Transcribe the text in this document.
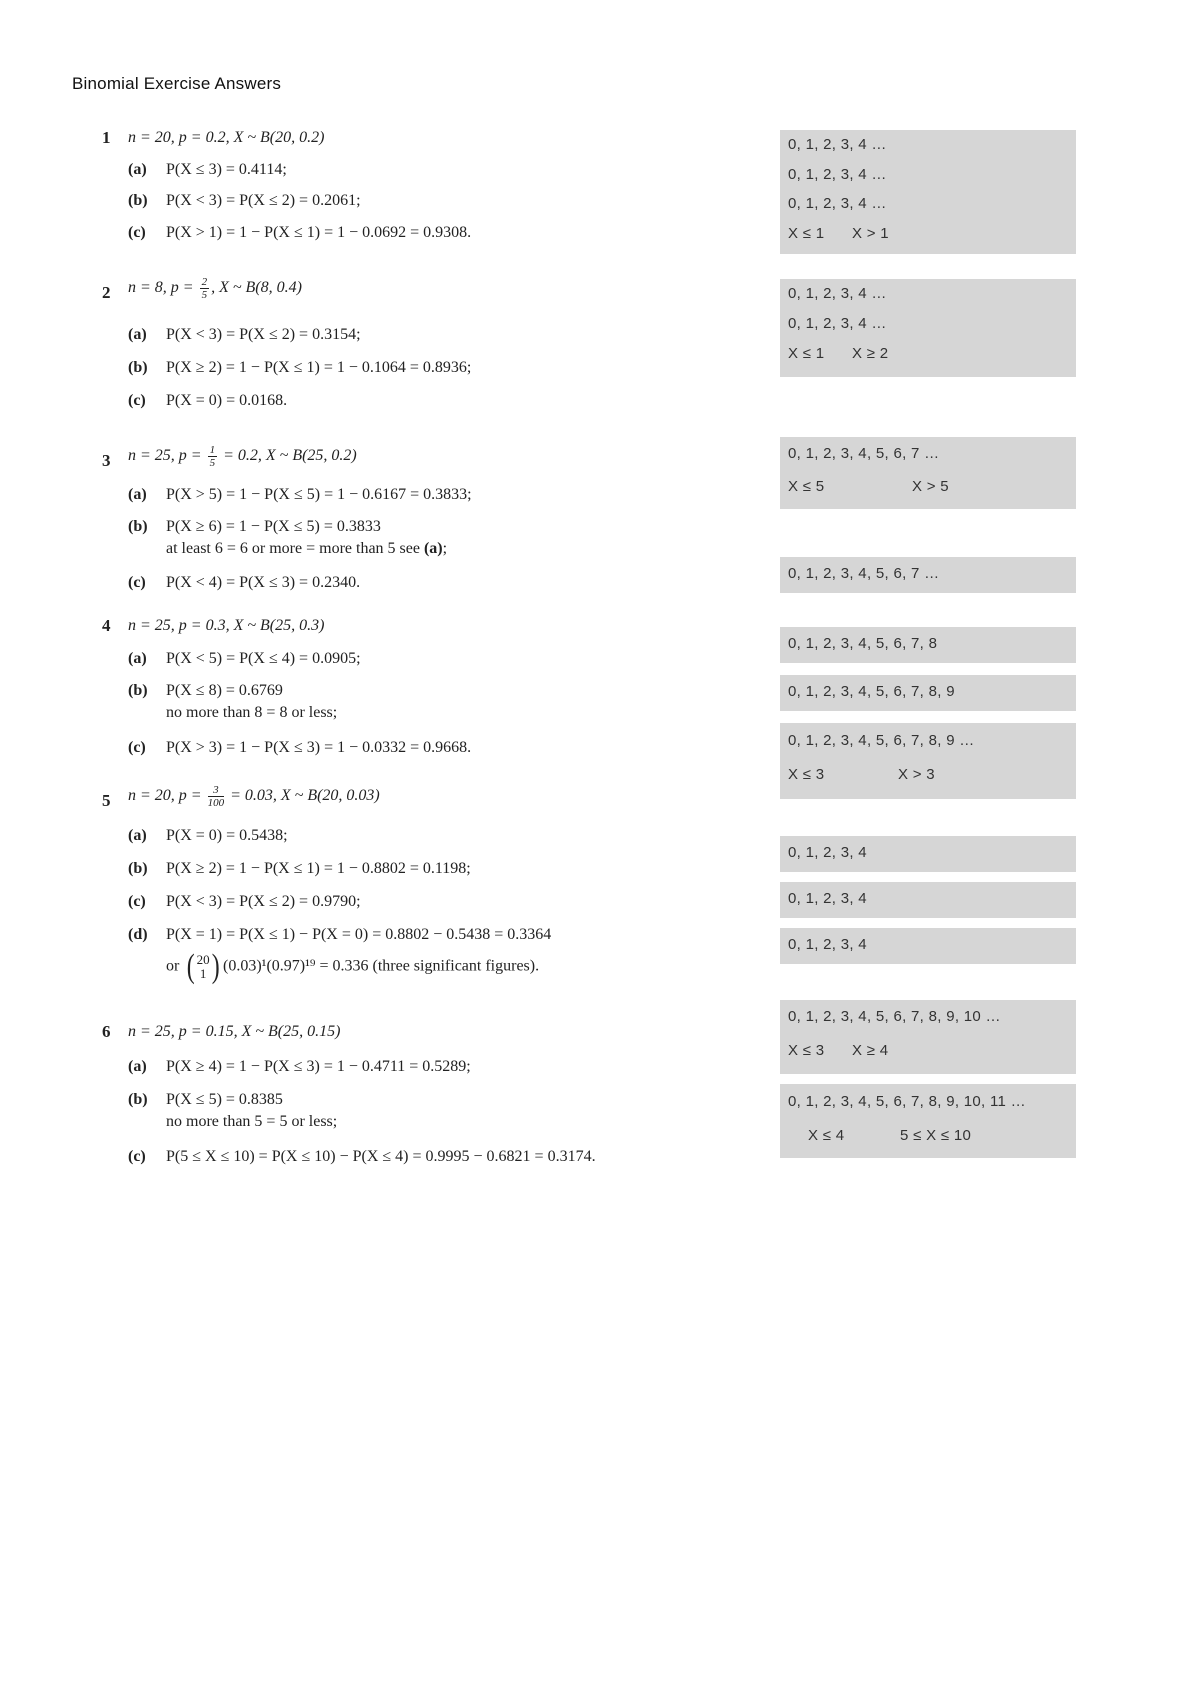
Binomial Exercise Answers
1 n = 20, p = 0.2, X ~ B(20, 0.2)
(a) P(X ≤ 3) = 0.4114;
(b) P(X < 3) = P(X ≤ 2) = 0.2061;
(c) P(X > 1) = 1 − P(X ≤ 1) = 1 − 0.0692 = 0.9308.
2 n = 8, $p = \frac{2}{5}$ , X ~ B(8, 0.4)
(a) P(X < 3) = P(X ≤ 2) = 0.3154;
(b) P(X ≥ 2) = 1 − P(X ≤ 1) = 1 − 0.1064 = 0.8936;
(c) P(X = 0) = 0.0168.
3 n = 25, $p = \frac{1}{5} = 0.2$, X ~ B(25, 0.2)
(a) P(X > 5) = 1 − P(X ≤ 5) = 1 − 0.6167 = 0.3833;
(b) P(X ≥ 6) = 1 − P(X ≤ 5) = 0.3833
at least 6 = 6 or more = more than 5 see (a);
(c) P(X < 4) = P(X ≤ 3) = 0.2340.
4 n = 25, p = 0.3, X ~ B(25, 0.3)
(a) P(X < 5) = P(X ≤ 4) = 0.0905;
(b) P(X ≤ 8) = 0.6769
no more than 8 = 8 or less;
(c) P(X > 3) = 1 − P(X ≤ 3) = 1 − 0.0332 = 0.9668.
5 n = 20, $p = \frac{3}{100} = 0.03$, X ~ B(20, 0.03)
(a) P(X = 0) = 0.5438;
(b) P(X ≥ 2) = 1 − P(X ≤ 1) = 1 − 0.8802 = 0.1198;
(c) P(X < 3) = P(X ≤ 2) = 0.9790;
(d) P(X = 1) = P(X ≤ 1) − P(X = 0) = 0.8802 − 0.5438 = 0.3364
or ( 20
1 ) (0.03)¹(0.97)¹⁹ = 0.336 (three significant figures).
6 n = 25, p = 0.15, X ~ B(25, 0.15)
(a) P(X ≥ 4) = 1 − P(X ≤ 3) = 1 − 0.4711 = 0.5289;
(b) P(X ≤ 5) = 0.8385
no more than 5 = 5 or less;
(c) P(5 ≤ X ≤ 10) = P(X ≤ 10) − P(X ≤ 4) = 0.9995 − 0.6821 = 0.3174.
0, 1, 2, 3, 4 …
0, 1, 2, 3, 4 …
0, 1, 2, 3, 4 …
X ≤ 1 X > 1
0, 1, 2, 3, 4 …
0, 1, 2, 3, 4 …
X ≤ 1 X ≥ 2
0, 1, 2, 3, 4, 5, 6, 7 …
X ≤ 5	X > 5
0, 1, 2, 3, 4, 5, 6, 7 …
0, 1, 2, 3, 4, 5, 6, 7, 8
0, 1, 2, 3, 4, 5, 6, 7, 8, 9
0, 1, 2, 3, 4, 5, 6, 7, 8, 9 …
X ≤ 3	X > 3
0, 1, 2, 3, 4
0, 1, 2, 3, 4
0, 1, 2, 3, 4
0, 1, 2, 3, 4, 5, 6, 7, 8, 9, 10 …
X ≤ 3 X ≥ 4
0, 1, 2, 3, 4, 5, 6, 7, 8, 9, 10, 11 …
X ≤ 4	5 ≤ X ≤ 10
